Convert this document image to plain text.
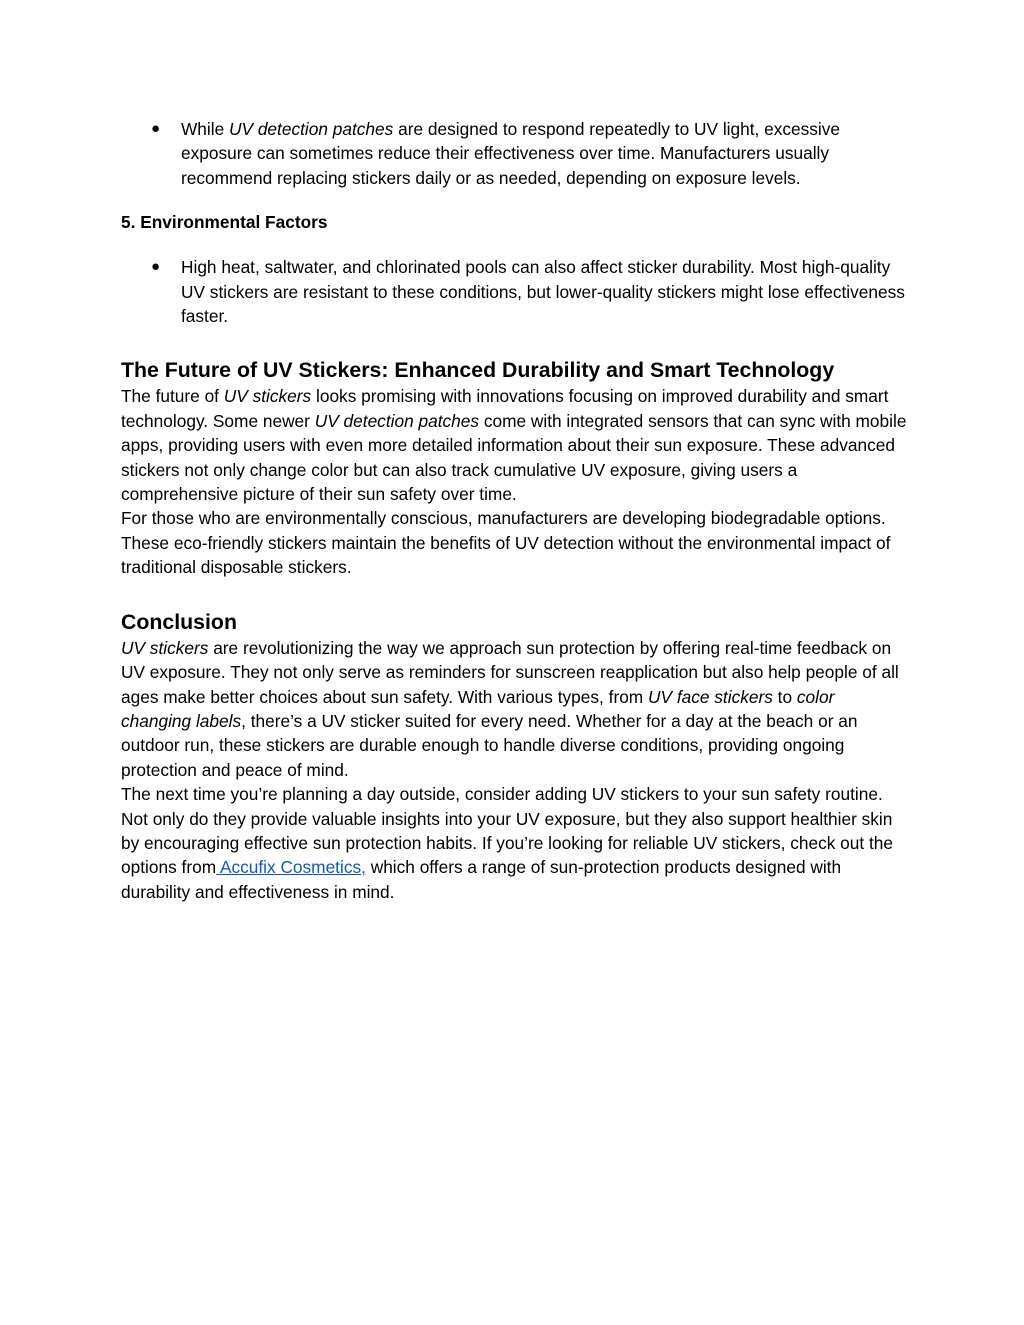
● While UV detection patches are designed to respond repeatedly to UV light, excessive exposure can sometimes reduce their effectiveness over time. Manufacturers usually recommend replacing stickers daily or as needed, depending on exposure levels.
5. Environmental Factors
● High heat, saltwater, and chlorinated pools can also affect sticker durability. Most high-quality UV stickers are resistant to these conditions, but lower-quality stickers might lose effectiveness faster.
The Future of UV Stickers: Enhanced Durability and Smart Technology

The future of UV stickers looks promising with innovations focusing on improved durability and smart technology. Some newer UV detection patches come with integrated sensors that can sync with mobile apps, providing users with even more detailed information about their sun exposure. These advanced stickers not only change color but can also track cumulative UV exposure, giving users a comprehensive picture of their sun safety over time.

For those who are environmentally conscious, manufacturers are developing biodegradable options. These eco-friendly stickers maintain the benefits of UV detection without the environmental impact of traditional disposable stickers.

Conclusion

UV stickers are revolutionizing the way we approach sun protection by offering real-time feedback on UV exposure. They not only serve as reminders for sunscreen reapplication but also help people of all ages make better choices about sun safety. With various types, from UV face stickers to color changing labels, there’s a UV sticker suited for every need. Whether for a day at the beach or an outdoor run, these stickers are durable enough to handle diverse conditions, providing ongoing protection and peace of mind.

The next time you’re planning a day outside, consider adding UV stickers to your sun safety routine. Not only do they provide valuable insights into your UV exposure, but they also support healthier skin by encouraging effective sun protection habits. If you’re looking for reliable UV stickers, check out the options from Accufix Cosmetics, which offers a range of sun-protection products designed with durability and effectiveness in mind.
